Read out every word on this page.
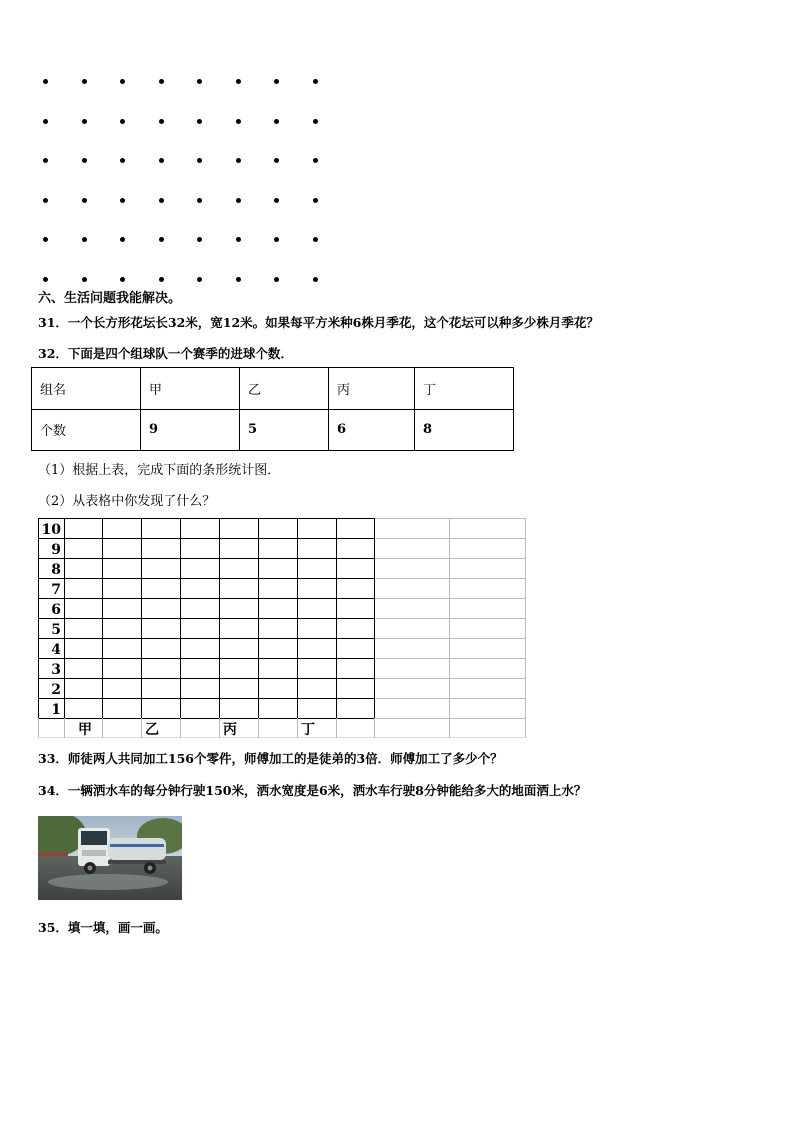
六、生活问题我能解决。
31．一个长方形花坛长32米，宽12米。如果每平方米种6株月季花，这个花坛可以种多少株月季花？
32．下面是四个组球队一个赛季的进球个数．
组名	甲	乙	丙	丁
个数	9	5	6	8
（1）根据上表，完成下面的条形统计图．
（2）从表格中你发现了什么？
10
9
8
7
6
5
4
3
2
1
甲	乙	丙	丁
33．师徒两人共同加工156个零件，师傅加工的是徒弟的3倍．师傅加工了多少个？
34．一辆洒水车的每分钟行驶150米，洒水宽度是6米，洒水车行驶8分钟能给多大的地面洒上水？
35．填一填，画一画。
